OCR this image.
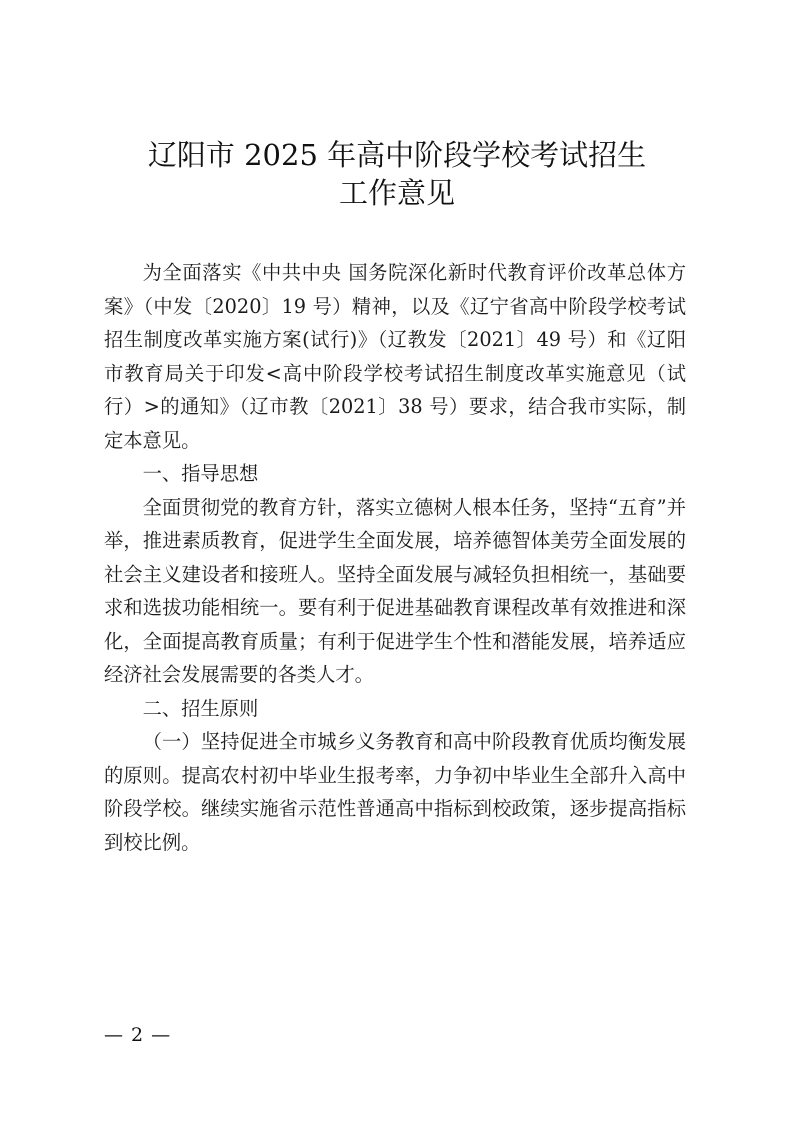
辽阳市 2025 年高中阶段学校考试招生
工作意见

为全面落实《中共中央 国务院深化新时代教育评价改革总体方案》（中发〔2020〕19 号）精神，以及《辽宁省高中阶段学校考试招生制度改革实施方案(试行)》（辽教发〔2021〕49 号）和《辽阳市教育局关于印发<高中阶段学校考试招生制度改革实施意见（试行）>的通知》（辽市教〔2021〕38 号）要求，结合我市实际，制定本意见。

一、指导思想

全面贯彻党的教育方针，落实立德树人根本任务，坚持“五育”并举，推进素质教育，促进学生全面发展，培养德智体美劳全面发展的社会主义建设者和接班人。坚持全面发展与减轻负担相统一，基础要求和选拔功能相统一。要有利于促进基础教育课程改革有效推进和深化，全面提高教育质量；有利于促进学生个性和潜能发展，培养适应经济社会发展需要的各类人才。

二、招生原则

（一）坚持促进全市城乡义务教育和高中阶段教育优质均衡发展的原则。提高农村初中毕业生报考率，力争初中毕业生全部升入高中阶段学校。继续实施省示范性普通高中指标到校政策，逐步提高指标到校比例。

— 2 —
